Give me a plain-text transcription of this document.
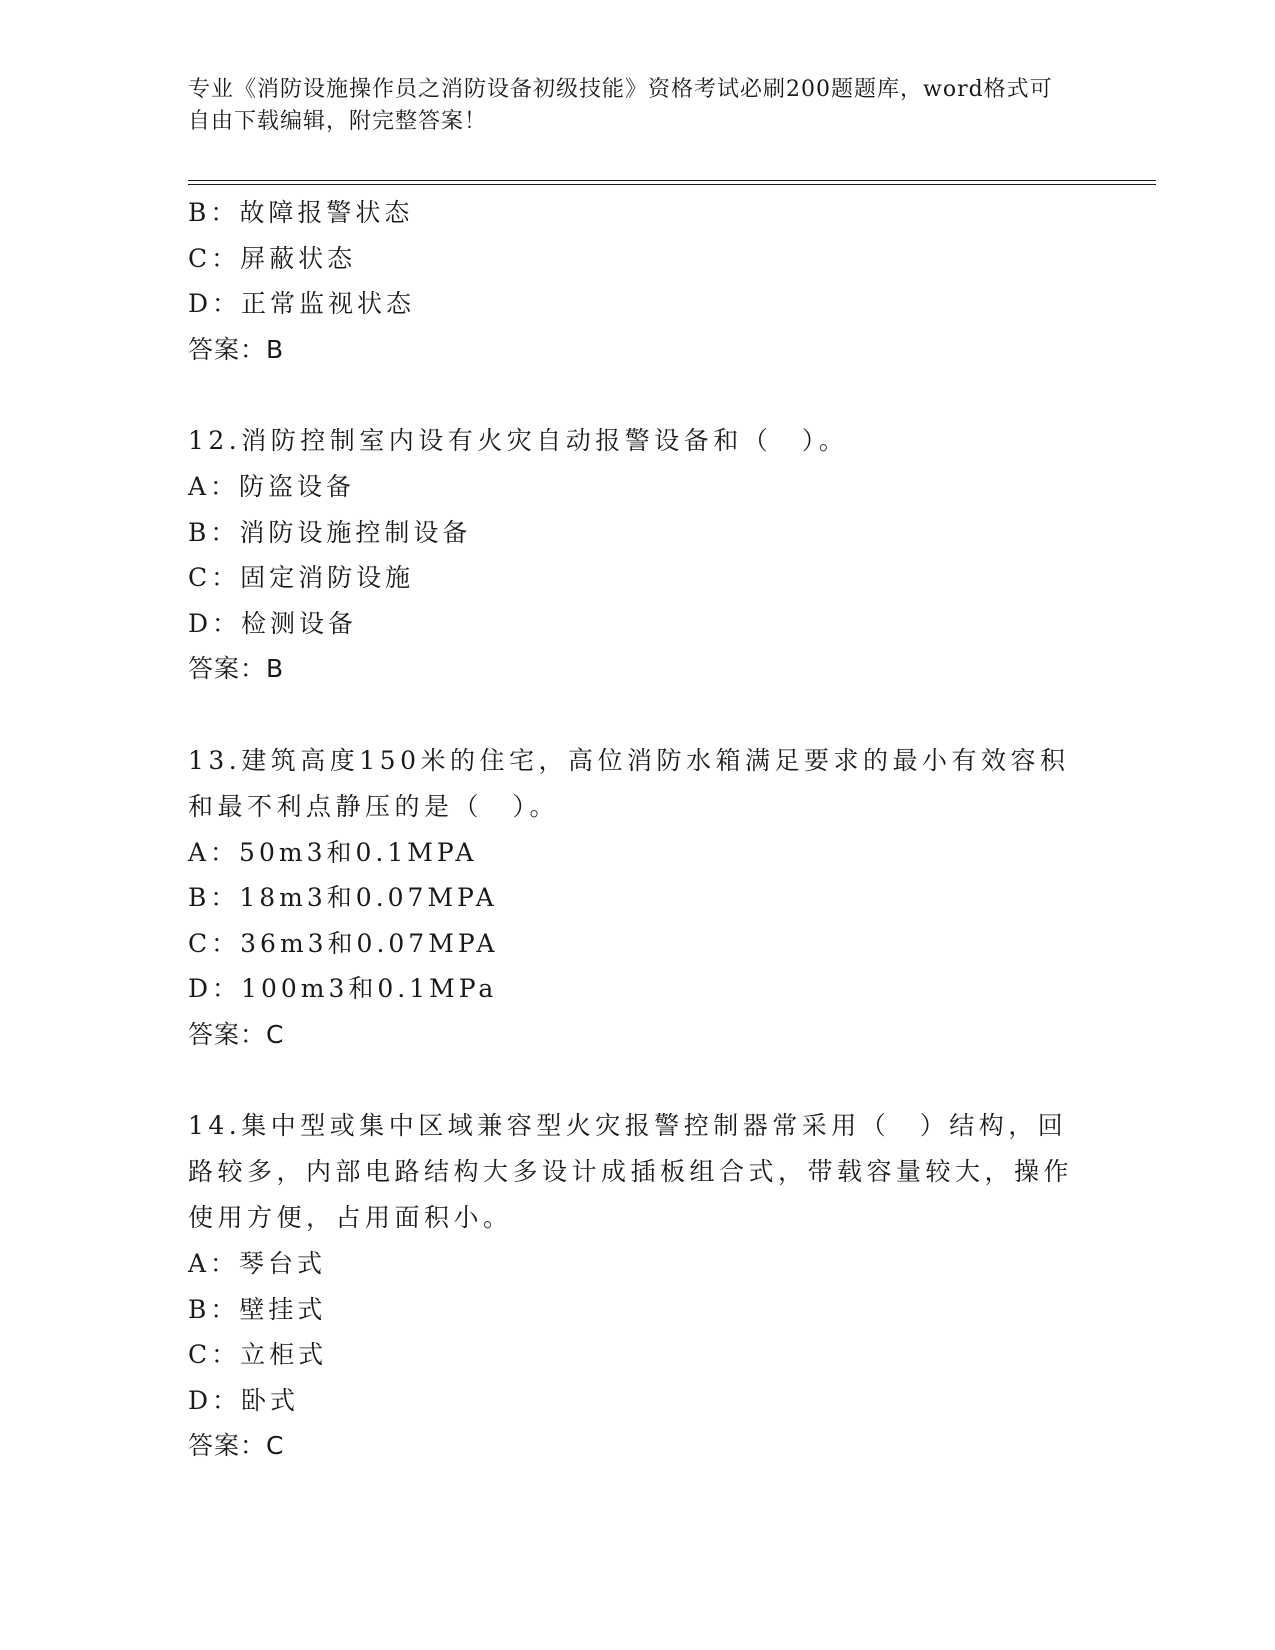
专业《消防设施操作员之消防设备初级技能》资格考试必刷200题题库，word格式可自由下载编辑，附完整答案！
B：故障报警状态
C：屏蔽状态
D：正常监视状态
答案：B
12.消防控制室内设有火灾自动报警设备和（　）。
A：防盗设备
B：消防设施控制设备
C：固定消防设施
D：检测设备
答案：B
13.建筑高度150米的住宅，高位消防水箱满足要求的最小有效容积和最不利点静压的是（　）。
A：50m3和0.1MPA
B：18m3和0.07MPA
C：36m3和0.07MPA
D：100m3和0.1MPa
答案：C
14.集中型或集中区域兼容型火灾报警控制器常采用（　）结构，回路较多，内部电路结构大多设计成插板组合式，带载容量较大，操作使用方便，占用面积小。
A：琴台式
B：壁挂式
C：立柜式
D：卧式
答案：C
